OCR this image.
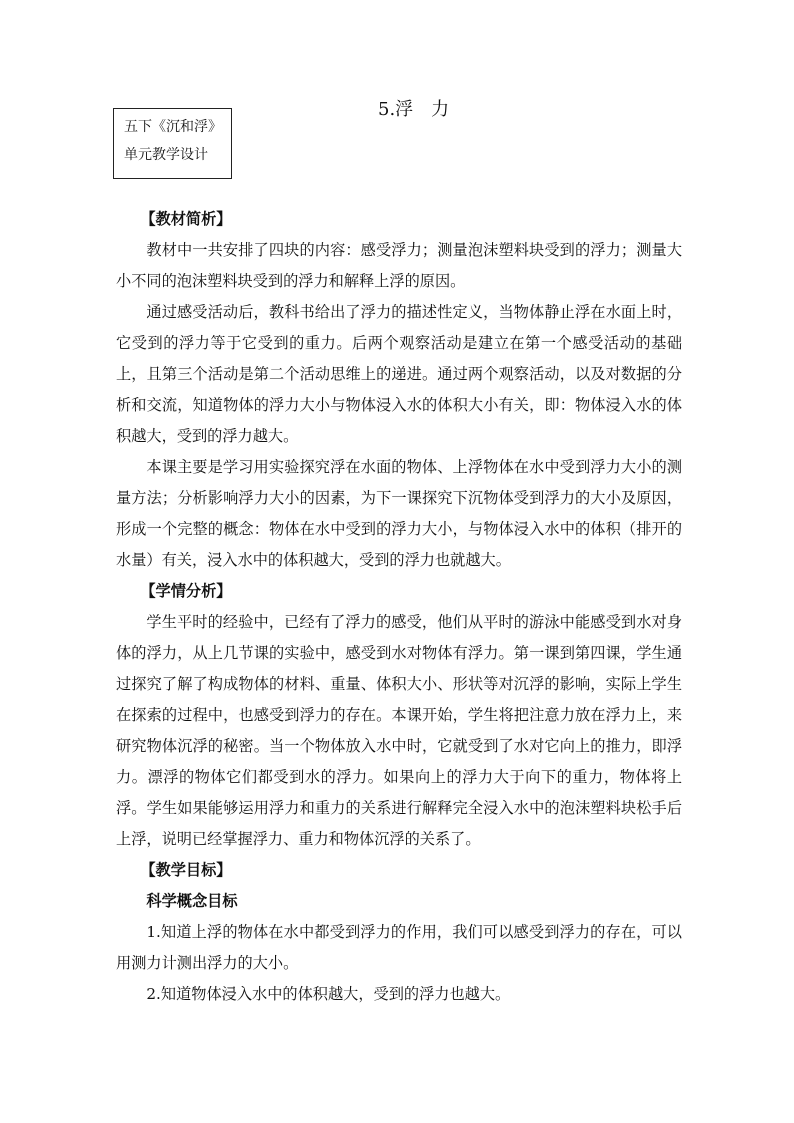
五下《沉和浮》
单元教学设计
5.浮　力

【教材简析】

教材中一共安排了四块的内容：感受浮力；测量泡沫塑料块受到的浮力；测量大小不同的泡沫塑料块受到的浮力和解释上浮的原因。

通过感受活动后，教科书给出了浮力的描述性定义，当物体静止浮在水面上时，它受到的浮力等于它受到的重力。后两个观察活动是建立在第一个感受活动的基础上，且第三个活动是第二个活动思维上的递进。通过两个观察活动，以及对数据的分析和交流，知道物体的浮力大小与物体浸入水的体积大小有关，即：物体浸入水的体积越大，受到的浮力越大。

本课主要是学习用实验探究浮在水面的物体、上浮物体在水中受到浮力大小的测量方法；分析影响浮力大小的因素，为下一课探究下沉物体受到浮力的大小及原因，形成一个完整的概念：物体在水中受到的浮力大小，与物体浸入水中的体积（排开的水量）有关，浸入水中的体积越大，受到的浮力也就越大。

【学情分析】

学生平时的经验中，已经有了浮力的感受，他们从平时的游泳中能感受到水对身体的浮力，从上几节课的实验中，感受到水对物体有浮力。第一课到第四课，学生通过探究了解了构成物体的材料、重量、体积大小、形状等对沉浮的影响，实际上学生在探索的过程中，也感受到浮力的存在。本课开始，学生将把注意力放在浮力上，来研究物体沉浮的秘密。当一个物体放入水中时，它就受到了水对它向上的推力，即浮力。漂浮的物体它们都受到水的浮力。如果向上的浮力大于向下的重力，物体将上浮。学生如果能够运用浮力和重力的关系进行解释完全浸入水中的泡沫塑料块松手后上浮，说明已经掌握浮力、重力和物体沉浮的关系了。

【教学目标】

科学概念目标

1.知道上浮的物体在水中都受到浮力的作用，我们可以感受到浮力的存在，可以用测力计测出浮力的大小。

2.知道物体浸入水中的体积越大，受到的浮力也越大。
